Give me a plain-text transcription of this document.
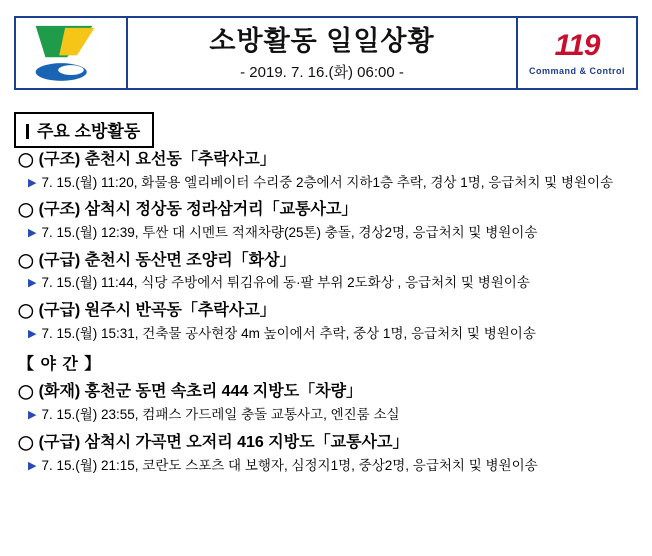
소방활동 일일상황
- 2019. 7. 16.(화) 06:00 -
119
Command & Control
주요 소방활동
◯ (구조) 춘천시 요선동「추락사고」
▶ 7. 15.(월) 11:20, 화물용 엘리베이터 수리중 2층에서 지하1층 추락, 경상 1명, 응급처치 및 병원이송
◯ (구조) 삼척시 정상동 정라삼거리「교통사고」
▶ 7. 15.(월) 12:39, 투싼 대 시멘트 적재차량(25톤) 충돌, 경상2명, 응급처치 및 병원이송
◯ (구급) 춘천시 동산면 조양리「화상」
▶ 7. 15.(월) 11:44, 식당 주방에서 튀김유에 동·팔 부위 2도화상 , 응급처치 및 병원이송
◯ (구급) 원주시 반곡동「추락사고」
▶ 7. 15.(월) 15:31, 건축물 공사현장 4m 높이에서 추락, 중상 1명, 응급처치 및 병원이송
【 야 간 】
◯ (화재) 홍천군 동면 속초리 444 지방도「차량」
▶ 7. 15.(월) 23:55, 컴패스 가드레일 충돌 교통사고, 엔진룸 소실
◯ (구급) 삼척시 가곡면 오저리 416 지방도「교통사고」
▶ 7. 15.(월) 21:15, 코란도 스포츠 대 보행자, 심정지1명, 중상2명, 응급처치 및 병원이송
